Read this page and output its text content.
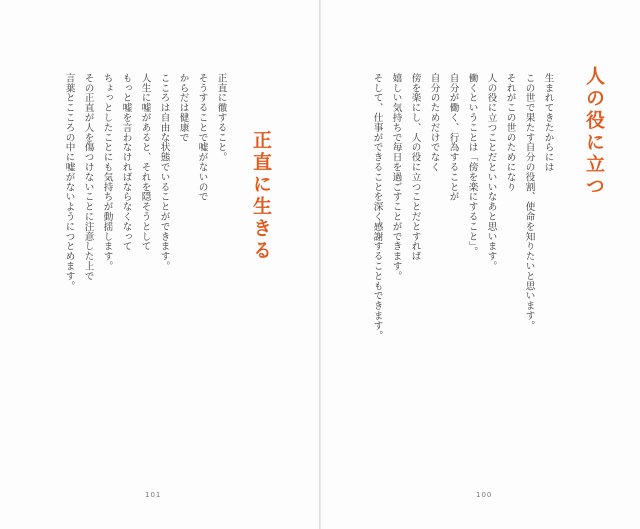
正直に生きる
正直に徹すること。
そうすることで嘘がないので
からだは健康で
こころは自由な状態でいることができます。
人生に嘘があると、それを隠そうとして
もっと嘘を言わなければならなくなって
ちょっとしたことにも気持ちが動揺します。
その正直が人を傷つけないことに注意した上で
言葉とこころの中に嘘がないようにつとめます。
101
人の役に立つ
生まれてきたからには
この世で果たす自分の役割、使命を知りたいと思います。
それがこの世のためになり
人の役に立つことだといいなあと思います。
働くということは「傍を楽にすること」。
自分が働く、行為することが
自分のためだけでなく
傍を楽にし、人の役に立つことだとすれば
嬉しい気持ちで毎日を過ごすことができます。
そして、仕事ができることを深く感謝することもできます。
100
